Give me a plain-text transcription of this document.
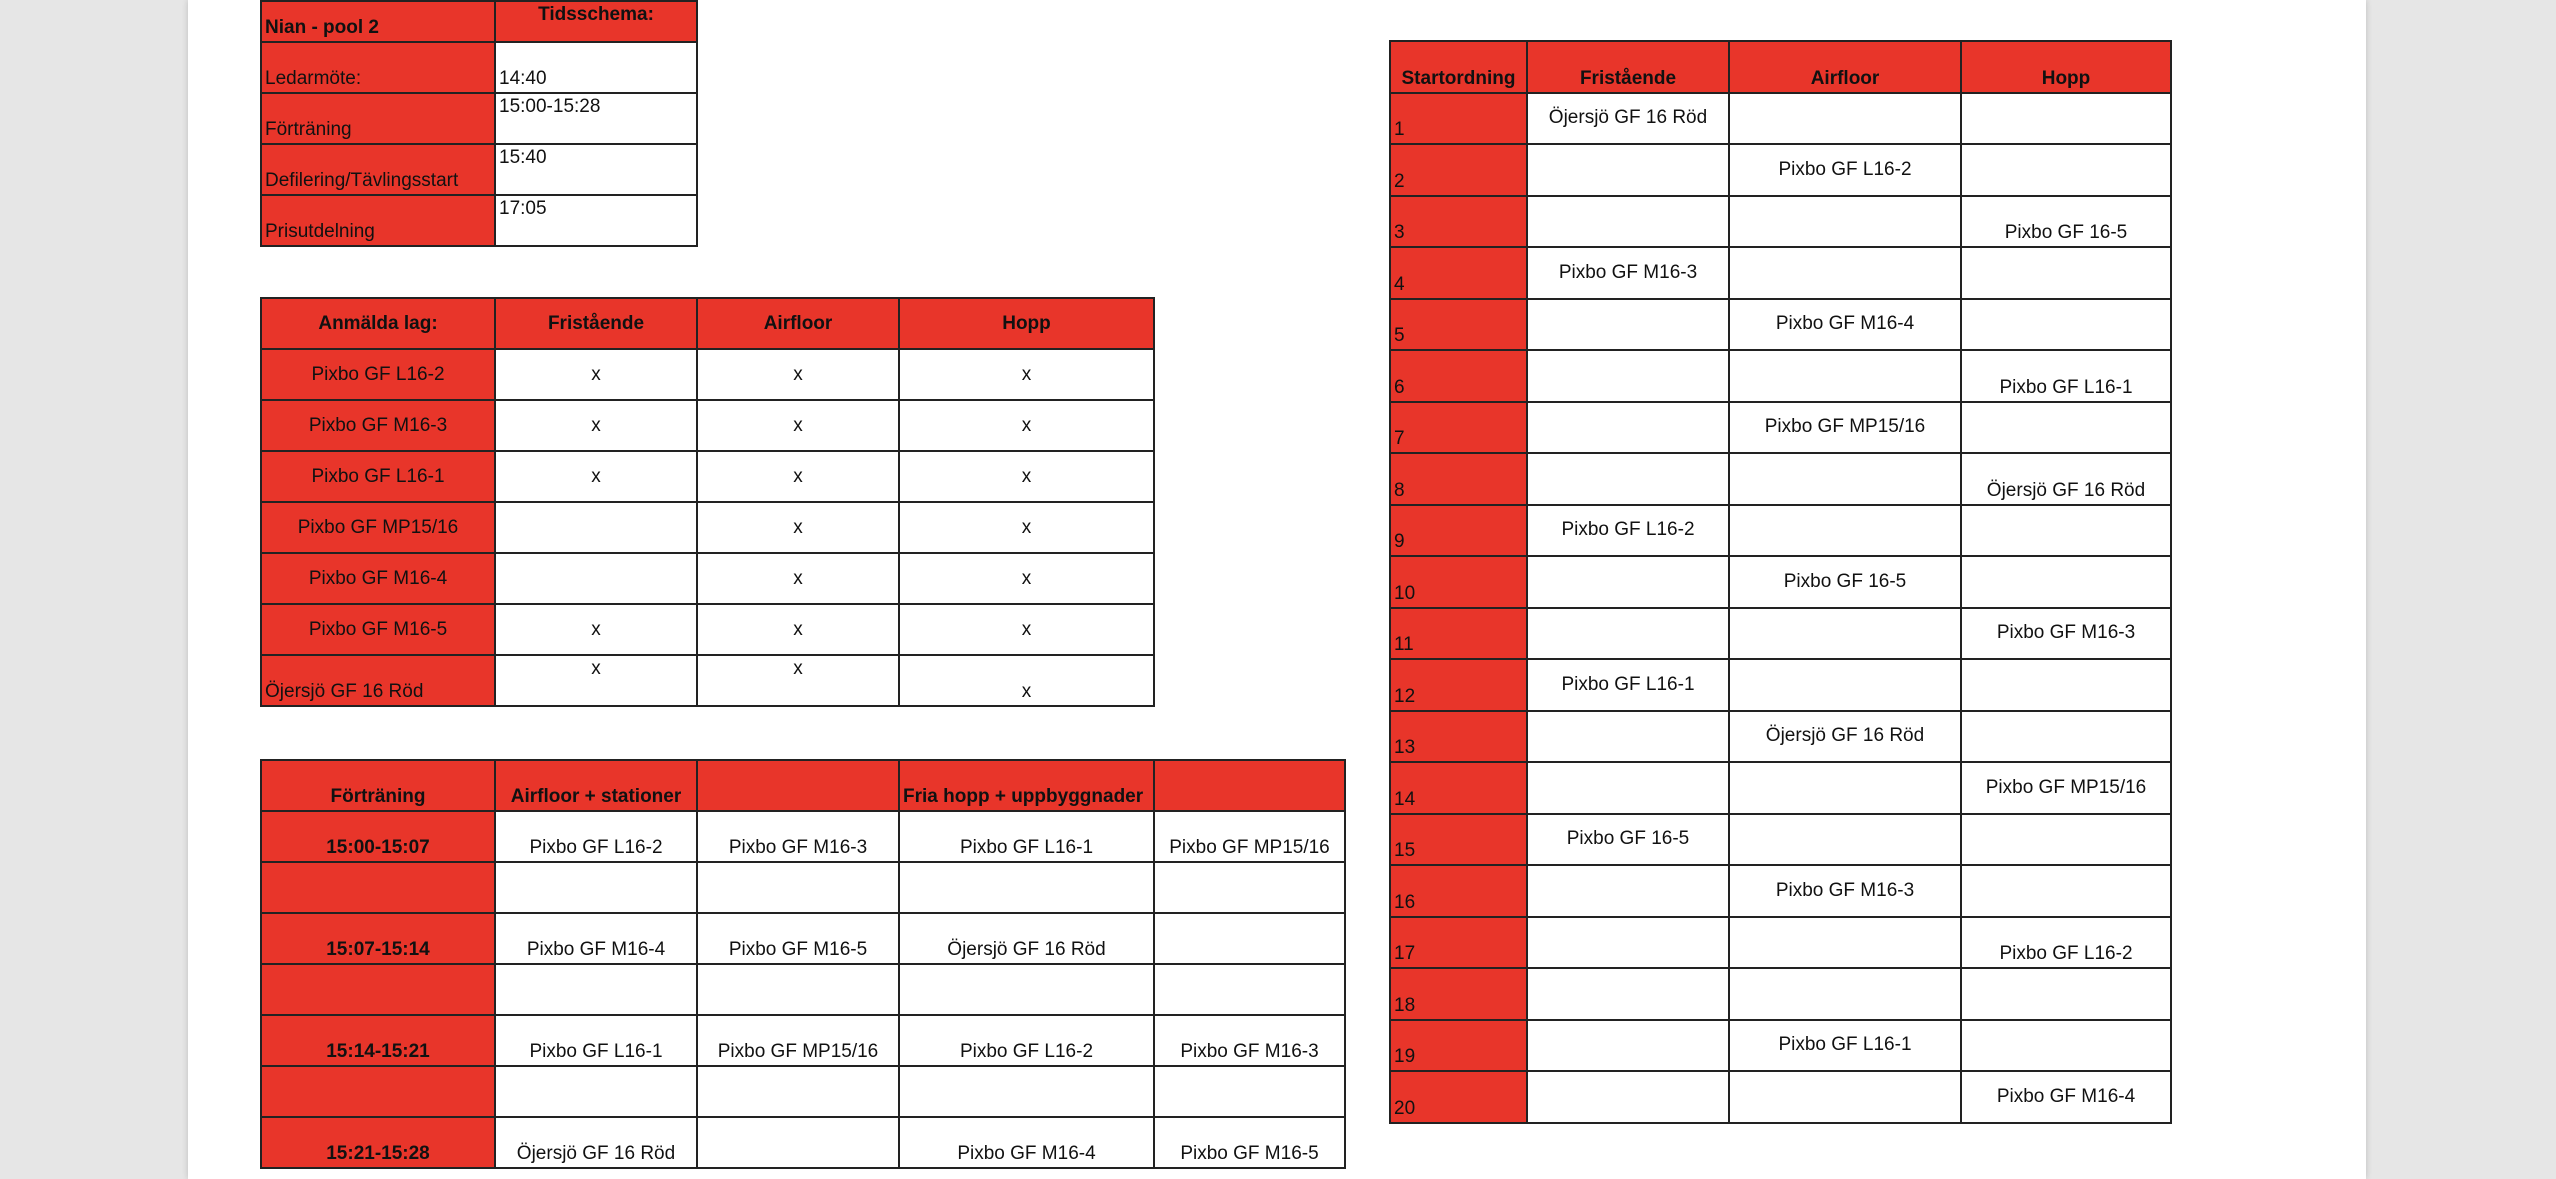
Nian - pool 2	Tidsschema:
Ledarmöte:	14:40
Förträning	15:00-15:28
Defilering/Tävlingsstart	15:40
Prisutdelning	17:05
Anmälda lag:	Fristående	Airfloor	Hopp
Pixbo GF L16-2	x	x	x
Pixbo GF M16-3	x	x	x
Pixbo GF L16-1	x	x	x
Pixbo GF MP15/16		x	x
Pixbo GF M16-4		x	x
Pixbo GF M16-5	x	x	x
Öjersjö GF 16 Röd	x	x	x
Förträning	Airfloor + stationer		Fria hopp + uppbyggnader	
15:00-15:07	Pixbo GF L16-2	Pixbo GF M16-3	Pixbo GF L16-1	Pixbo GF MP15/16

15:07-15:14	Pixbo GF M16-4	Pixbo GF M16-5	Öjersjö GF 16 Röd	

15:14-15:21	Pixbo GF L16-1	Pixbo GF MP15/16	Pixbo GF L16-2	Pixbo GF M16-3

15:21-15:28	Öjersjö GF 16 Röd		Pixbo GF M16-4	Pixbo GF M16-5
Startordning	Fristående	Airfloor	Hopp
1	Öjersjö GF 16 Röd		
2		Pixbo GF L16-2	
3			Pixbo GF 16-5
4	Pixbo GF M16-3		
5		Pixbo GF M16-4	
6			Pixbo GF L16-1
7		Pixbo GF MP15/16	
8			Öjersjö GF 16 Röd
9	Pixbo GF L16-2		
10		Pixbo GF 16-5	
11			Pixbo GF M16-3
12	Pixbo GF L16-1		
13		Öjersjö GF 16 Röd	
14			Pixbo GF MP15/16
15	Pixbo GF 16-5		
16		Pixbo GF M16-3	
17			Pixbo GF L16-2
18			
19		Pixbo GF L16-1	
20			Pixbo GF M16-4
